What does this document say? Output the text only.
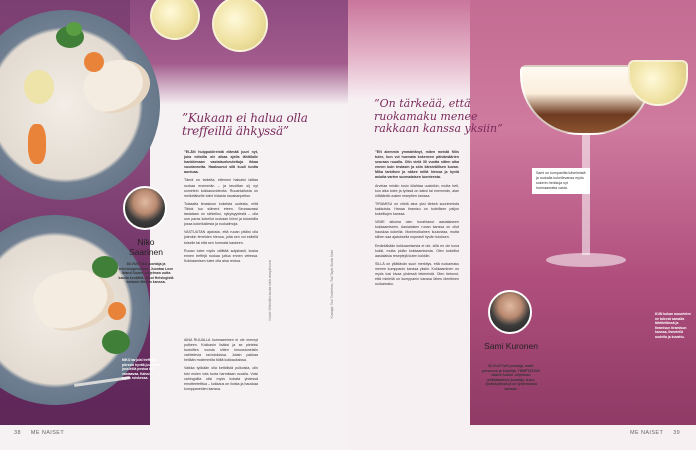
”Kukaan ei halua olla treffeillä ähkyssä”

”ELÄN huippukiireistä elämää juuri nyt, joka mitoilla ole aikaa ajella lähitilalle hankkimaan vastalaurkeutettuja ihkaa vuodanneita. Haaksunut silti kuuli tuntia auniuaa.

Tämä on tarkeita, ettemmi haluaisi laittaa ruokaa enemmän – ja tavoittan sij nyt sometein kokkausvideoita. Ruuanlaitosta on meikeläiselle toimi hidasta hauskanpeiton.

Toisaalta ilmastoon kokeista uudesta, mitä Tiktok tuo silimeni eteen. Seuraavassi tastataan on siirkeiksi, nykyisyydestä – olla oon paras kokeilut ruokaan kiinni ja tulostoilla jossa kokeiluidesta ja ruokailmoja.

VASTUUTAN ajatusta, että ruoan pitäisi olla jotenkin ferreiden hienoa, jotta sen voi esitellä toiselle tai että sen hurmaisi kaskeen.

Ruoan tulee myös välittää sutjakasti, koska ennen treffejä ruokaa juttua ennen vetessa. Kokkaamisen tulee olla aina rentoa.

AINA RUUALLA hurmaaminen ei ole mennyt putkeen. Kokkasin lisäksi ja se pieleksi tuotoitten vuosia sitten innoustuneisiin vaihtelevia ravintoloissa. Jotain pakkaa hellään molemmilta töiltä kokkauksissa.

Vaikka työkään olla kettölistä pulkoista, olin toki molen tota tuota harmitaan ruoalla. Voisi vahingoitta olisi myös kokata yhdessä emotteetetttua – kokkaus on iloista ja hauskaa kumppaneiden kanssa.

Kuvat: Viltkvöttiin kautta sekä omapirituuris	Kuvaaja: Toni Tiederiken, Toni Tapio Studio Muni
Niko Saarinen
38-VUOTIAS juontaja ja televisiopersoona. Juontaa Love Island Suomi -ohjelman uutta kautta keväällä. Alkoi Helsingistä kotaisin Minnin kanssa.
NIKO tarjoisi treffeillä pörssiä hyvää juuressa jussleillä pestoa tai vastaavaa. Kaivus myös roiskessa.
38 ME NAISET
”On tärkeää, että ruokamaku menee rakkaan kanssa yksiin”

”EN alemmin ymmärtänyt, miten meistä fiilis tulee, kun voi hurmata kokeneen päivämäärien seuraan ruualla. Olin vielä 30 vuotta sitten aika ennen kuin testasin ja söin kärsivällisen kuvan. Mika tarkitsee ja näkee miltä hienoa ja hyviä asioita varten suomalaisen luonteesta.

Arvelaa minkin tosio kilahtaa uusinikin, mutta heti, kun aika tulee ja työssä on kaksi tai enemmän, alan niittääntä uusien reseptien kanssa.

TIRAMISU on niistä aina yksi tärkeä suurimmista kakkuista. Hanaa tiramisu on todellisen paljon kokeiltujen kanssa.

VIIME aikoina olen hurahtanut aasialaiseen kokkaamiseen. Aasialaisen ruoan kanssa on ollut hauskaa kokeilla. Monimutkainen kuulostaa, mutta siihen saa ajatuksella nopeasti hyvän tuloksen.

Emäntäkään kokkaamisesta ei ole, sillä en ole kova kokki, mutta pidän kokkaamisesta. Olen kokeillut aasialaisia reseptejä kuten kokkiin.

SILLÄ on yllättävän suuri merkitys, että ruokamaku menee kumppanin kanssa yksiin. Kokkaaminen on myös tosi kivaa yhdessä tekemistä. Olen tietonut, että mielellä on kumppanin kanssa lähes identtinen ruokamaku.

Sami on kumpanilta kävelmistä ja ruokalla kokeilevansa myös sokerin herkkuja nyt hurmaamatta vasta.
Sami Kuronen
32-VUOTIAS juontaja, malli-persoona ja kirjailija. TEMPTATION Island Suomi -ohjelman pitkäaikainen juontaja. Asuu Jyväskylässä ja on työtemansa kanssa.
KUN kokan muuntelee ne tulevat samalla tähtitellässä ja tiramisun tiramisun kanssa, Ihmetellä uudella ja kuvattu.
ME NAISET 39
